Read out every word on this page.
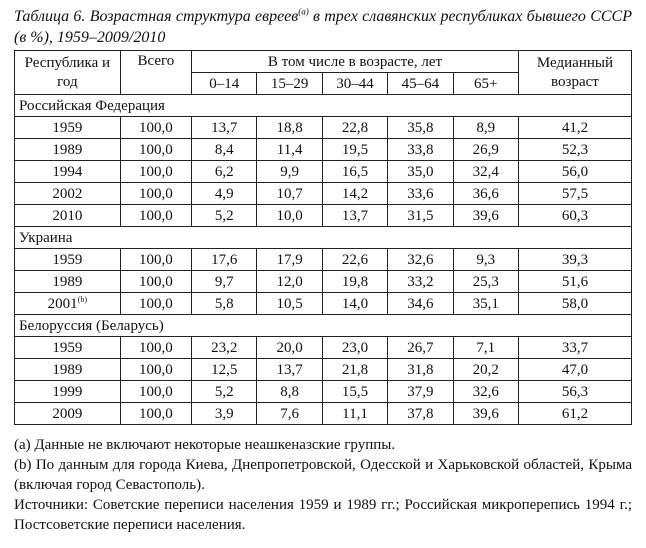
Таблица 6. Возрастная структура евреев$^{(а)}$ в трех славянских республиках бывшего СССР (в %), 1959–2009/2010

Республика и год	Всего	В том числе в возрасте, лет					Медианный возраст
		0–14	15–29	30–44	45–64	65+	
Российская Федерация							
1959	100,0	13,7	18,8	22,8	35,8	8,9	41,2
1989	100,0	8,4	11,4	19,5	33,8	26,9	52,3
1994	100,0	6,2	9,9	16,5	35,0	32,4	56,0
2002	100,0	4,9	10,7	14,2	33,6	36,6	57,5
2010	100,0	5,2	10,0	13,7	31,5	39,6	60,3
Украина							
1959	100,0	17,6	17,9	22,6	32,6	9,3	39,3
1989	100,0	9,7	12,0	19,8	33,2	25,3	51,6
2001$^{(b)}$	100,0	5,8	10,5	14,0	34,6	35,1	58,0
Белоруссия (Беларусь)							
1959	100,0	23,2	20,0	23,0	26,7	7,1	33,7
1989	100,0	12,5	13,7	21,8	31,8	20,2	47,0
1999	100,0	5,2	8,8	15,5	37,9	32,6	56,3
2009	100,0	3,9	7,6	11,1	37,8	39,6	61,2

(a) Данные не включают некоторые неашкеназские группы.

(b) По данным для города Киева, Днепропетровской, Одесской и Харьковской областей, Крыма (включая город Севастополь).

Источники: Советские переписи населения 1959 и 1989 гг.; Российская микроперепись 1994 г.; Постсоветские переписи населения.
